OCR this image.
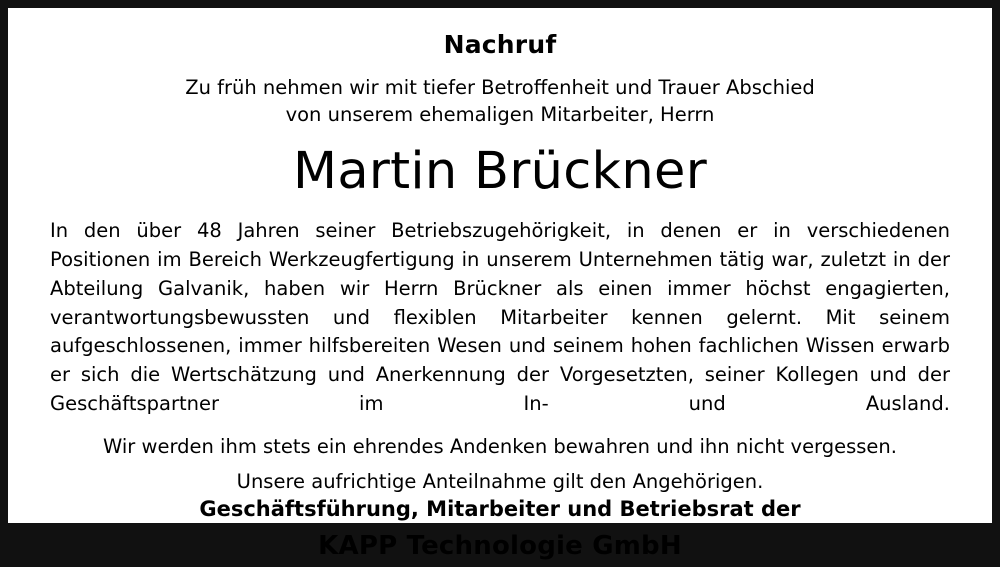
Nachruf
Zu früh nehmen wir mit tiefer Betroffenheit und Trauer Abschied
von unserem ehemaligen Mitarbeiter, Herrn
Martin Brückner

In den über 48 Jahren seiner Betriebszugehörigkeit, in denen er in verschiedenen Positionen im Bereich Werkzeugfertigung in unserem Unternehmen tätig war, zuletzt in der Abteilung Galvanik, haben wir Herrn Brückner als einen immer höchst engagierten, verantwortungsbewussten und flexiblen Mitarbeiter kennen gelernt. Mit seinem aufgeschlossenen, immer hilfsbereiten Wesen und seinem hohen fachlichen Wissen erwarb er sich die Wertschätzung und Anerkennung der Vorgesetzten, seiner Kollegen und der Geschäftspartner im In- und Ausland.

Wir werden ihm stets ein ehrendes Andenken bewahren und ihn nicht vergessen.
Unsere aufrichtige Anteilnahme gilt den Angehörigen.
Geschäftsführung, Mitarbeiter und Betriebsrat der
KAPP Technologie GmbH
